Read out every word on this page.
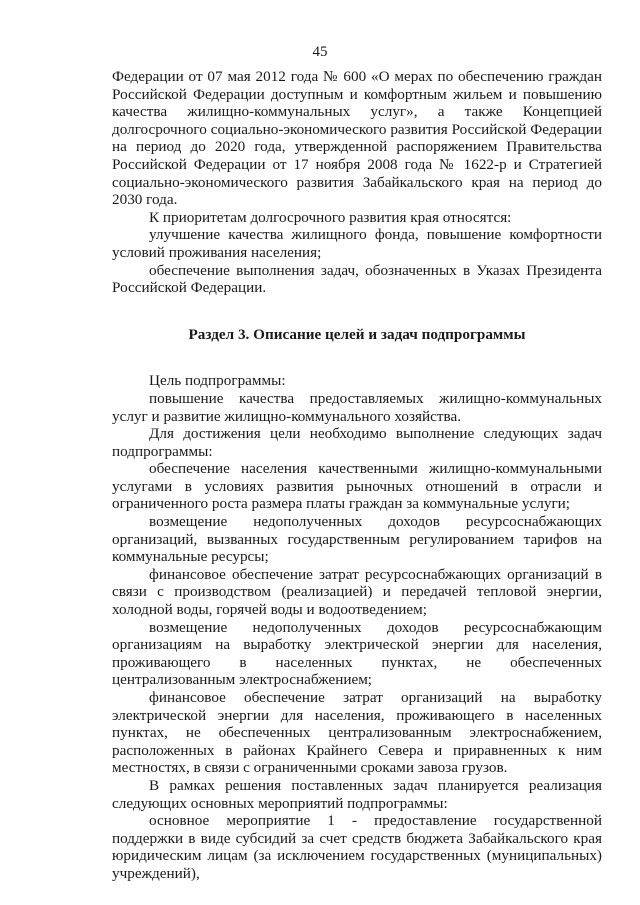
45

Федерации от 07 мая 2012 года № 600 «О мерах по обеспечению граждан Российской Федерации доступным и комфортным жильем и повышению качества жилищно-коммунальных услуг», а также Концепцией долгосрочного социально-экономического развития Российской Федерации на период до 2020 года, утвержденной распоряжением Правительства Российской Федерации от 17 ноября 2008 года № 1622-р и Стратегией социально-экономического развития Забайкальского края на период до 2030 года.

К приоритетам долгосрочного развития края относятся:

улучшение качества жилищного фонда, повышение комфортности условий проживания населения;

обеспечение выполнения задач, обозначенных в Указах Президента Российской Федерации.

Раздел 3. Описание целей и задач подпрограммы

Цель подпрограммы:

повышение качества предоставляемых жилищно-коммунальных услуг и развитие жилищно-коммунального хозяйства.

Для достижения цели необходимо выполнение следующих задач подпрограммы:

обеспечение населения качественными жилищно-коммунальными услугами в условиях развития рыночных отношений в отрасли и ограниченного роста размера платы граждан за коммунальные услуги;

возмещение недополученных доходов ресурсоснабжающих организаций, вызванных государственным регулированием тарифов на коммунальные ресурсы;

финансовое обеспечение затрат ресурсоснабжающих организаций в связи с производством (реализацией) и передачей тепловой энергии, холодной воды, горячей воды и водоотведением;

возмещение недополученных доходов ресурсоснабжающим организациям на выработку электрической энергии для населения, проживающего в населенных пунктах, не обеспеченных централизованным электроснабжением;

финансовое обеспечение затрат организаций на выработку электрической энергии для населения, проживающего в населенных пунктах, не обеспеченных централизованным электроснабжением, расположенных в районах Крайнего Севера и приравненных к ним местностях, в связи с ограниченными сроками завоза грузов.

В рамках решения поставленных задач планируется реализация следующих основных мероприятий подпрограммы:

основное мероприятие 1 - предоставление государственной поддержки в виде субсидий за счет средств бюджета Забайкальского края юридическим лицам (за исключением государственных (муниципальных) учреждений),
